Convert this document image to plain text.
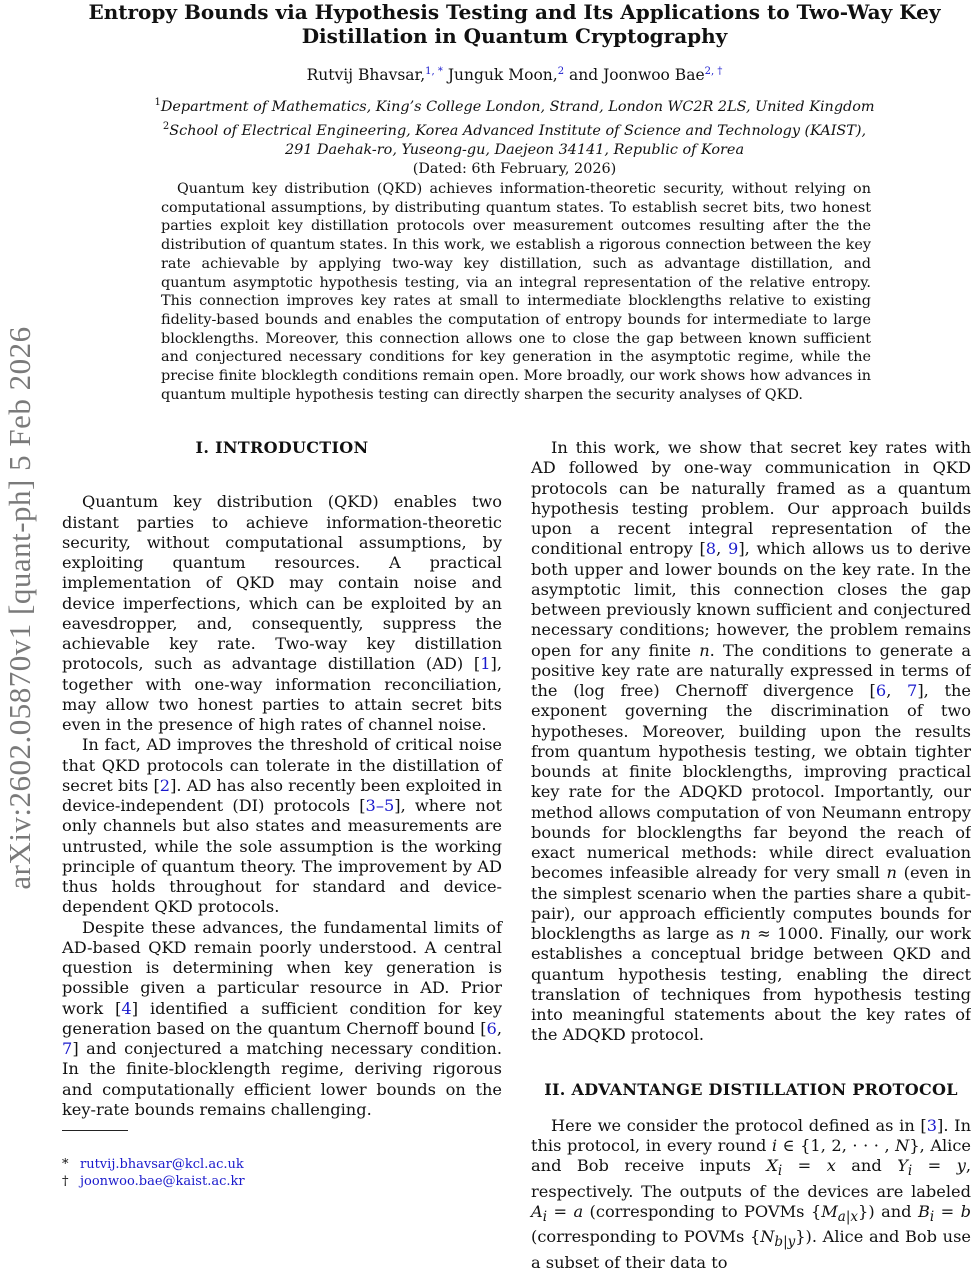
arXiv:2602.05870v1 [quant-ph] 5 Feb 2026
Entropy Bounds via Hypothesis Testing and Its Applications to Two-Way Key Distillation in Quantum Cryptography
Rutvij Bhavsar,$^{1, *}$ Junguk Moon,$^2$ and Joonwoo Bae$^{2, \dagger}$
$^1$Department of Mathematics, King’s College London, Strand, London WC2R 2LS, United Kingdom
$^2$School of Electrical Engineering, Korea Advanced Institute of Science and Technology (KAIST),
291 Daehak-ro, Yuseong-gu, Daejeon 34141, Republic of Korea
(Dated: 6th February, 2026)

Quantum key distribution (QKD) achieves information-theoretic security, without relying on computational assumptions, by distributing quantum states. To establish secret bits, two honest parties exploit key distillation protocols over measurement outcomes resulting after the the distribution of quantum states. In this work, we establish a rigorous connection between the key rate achievable by applying two-way key distillation, such as advantage distillation, and quantum asymptotic hypothesis testing, via an integral representation of the relative entropy. This connection improves key rates at small to intermediate blocklengths relative to existing fidelity-based bounds and enables the computation of entropy bounds for intermediate to large blocklengths. Moreover, this connection allows one to close the gap between known sufficient and conjectured necessary conditions for key generation in the asymptotic regime, while the precise finite blocklegth conditions remain open. More broadly, our work shows how advances in quantum multiple hypothesis testing can directly sharpen the security analyses of QKD.

I. INTRODUCTION

Quantum key distribution (QKD) enables two distant parties to achieve information-theoretic security, without computational assumptions, by exploiting quantum resources. A practical implementation of QKD may contain noise and device imperfections, which can be exploited by an eavesdropper, and, consequently, suppress the achievable key rate. Two-way key distillation protocols, such as advantage distillation (AD) [1], together with one-way information reconciliation, may allow two honest parties to attain secret bits even in the presence of high rates of channel noise.

In fact, AD improves the threshold of critical noise that QKD protocols can tolerate in the distillation of secret bits [2]. AD has also recently been exploited in device-independent (DI) protocols [3–5], where not only channels but also states and measurements are untrusted, while the sole assumption is the working principle of quantum theory. The improvement by AD thus holds throughout for standard and device-dependent QKD protocols.

Despite these advances, the fundamental limits of AD-based QKD remain poorly understood. A central question is determining when key generation is possible given a particular resource in AD. Prior work [4] identified a sufficient condition for key generation based on the quantum Chernoff bound [6, 7] and conjectured a matching necessary condition. In the finite-blocklength regime, deriving rigorous and computationally efficient lower bounds on the key-rate bounds remains challenging.

In this work, we show that secret key rates with AD followed by one-way communication in QKD protocols can be naturally framed as a quantum hypothesis testing problem. Our approach builds upon a recent integral representation of the conditional entropy [8, 9], which allows us to derive both upper and lower bounds on the key rate. In the asymptotic limit, this connection closes the gap between previously known sufficient and conjectured necessary conditions; however, the problem remains open for any finite n. The conditions to generate a positive key rate are naturally expressed in terms of the (log free) Chernoff divergence [6, 7], the exponent governing the discrimination of two hypotheses. Moreover, building upon the results from quantum hypothesis testing, we obtain tighter bounds at finite blocklengths, improving practical key rate for the ADQKD protocol. Importantly, our method allows computation of von Neumann entropy bounds for blocklengths far beyond the reach of exact numerical methods: while direct evaluation becomes infeasible already for very small n (even in the simplest scenario when the parties share a qubit-pair), our approach efficiently computes bounds for blocklengths as large as n ≈ 1000. Finally, our work establishes a conceptual bridge between QKD and quantum hypothesis testing, enabling the direct translation of techniques from hypothesis testing into meaningful statements about the key rates of the ADQKD protocol.

II. ADVANTANGE DISTILLATION PROTOCOL

Here we consider the protocol defined as in [3]. In this protocol, in every round i ∈ {1, 2, · · · , N}, Alice and Bob receive inputs $X_i = x$ and $Y_i = y$, respectively. The outputs of the devices are labeled $A_i = a$ (corresponding to POVMs $\{M_{a|x}\}$) and $B_i = b$ (corresponding to POVMs $\{N_{b|y}\}$). Alice and Bob use a subset of their data to

* rutvij.bhavsar@kcl.ac.uk
† joonwoo.bae@kaist.ac.kr
